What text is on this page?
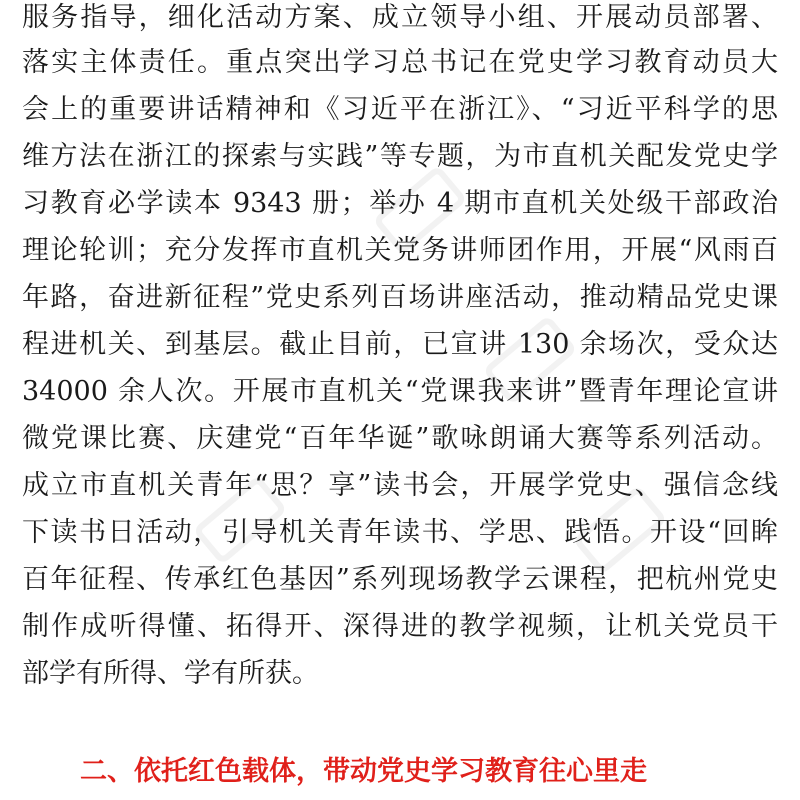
服务指导，细化活动方案、成立领导小组、开展动员部署、
落实主体责任。重点突出学习总书记在党史学习教育动员大
会上的重要讲话精神和《习近平在浙江》、“习近平科学的思
维方法在浙江的探索与实践”等专题，为市直机关配发党史学
习教育必学读本 9343 册；举办 4 期市直机关处级干部政治
理论轮训；充分发挥市直机关党务讲师团作用，开展“风雨百
年路，奋进新征程”党史系列百场讲座活动，推动精品党史课
程进机关、到基层。截止目前，已宣讲 130 余场次，受众达
34000 余人次。开展市直机关“党课我来讲”暨青年理论宣讲
微党课比赛、庆建党“百年华诞”歌咏朗诵大赛等系列活动。
成立市直机关青年“思？享”读书会，开展学党史、强信念线
下读书日活动，引导机关青年读书、学思、践悟。开设“回眸
百年征程、传承红色基因”系列现场教学云课程，把杭州党史
制作成听得懂、拓得开、深得进的教学视频，让机关党员干
部学有所得、学有所获。
二、依托红色载体，带动党史学习教育往心里走
